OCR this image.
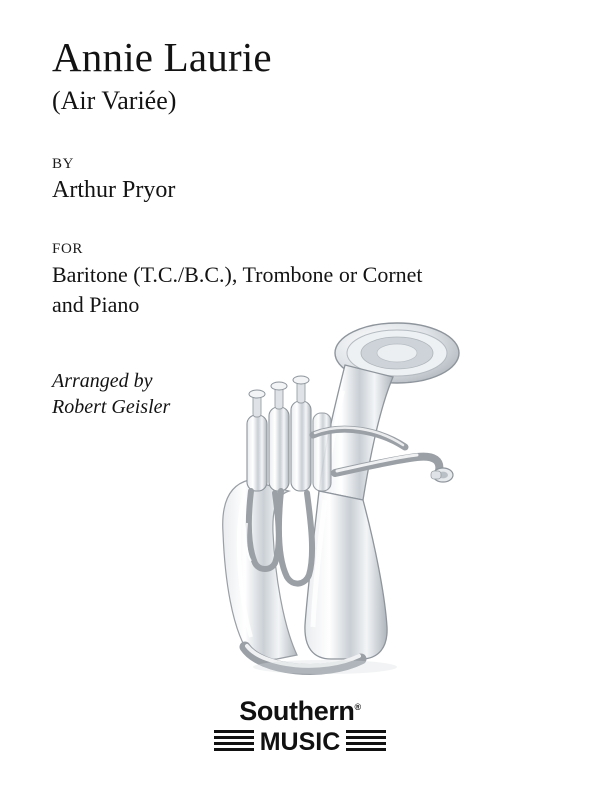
Annie Laurie

(Air Variée)

BY

Arthur Pryor

FOR

Baritone (T.C./B.C.), Trombone or Cornet and Piano

Arranged by

Robert Geisler

Southern®
MUSIC
